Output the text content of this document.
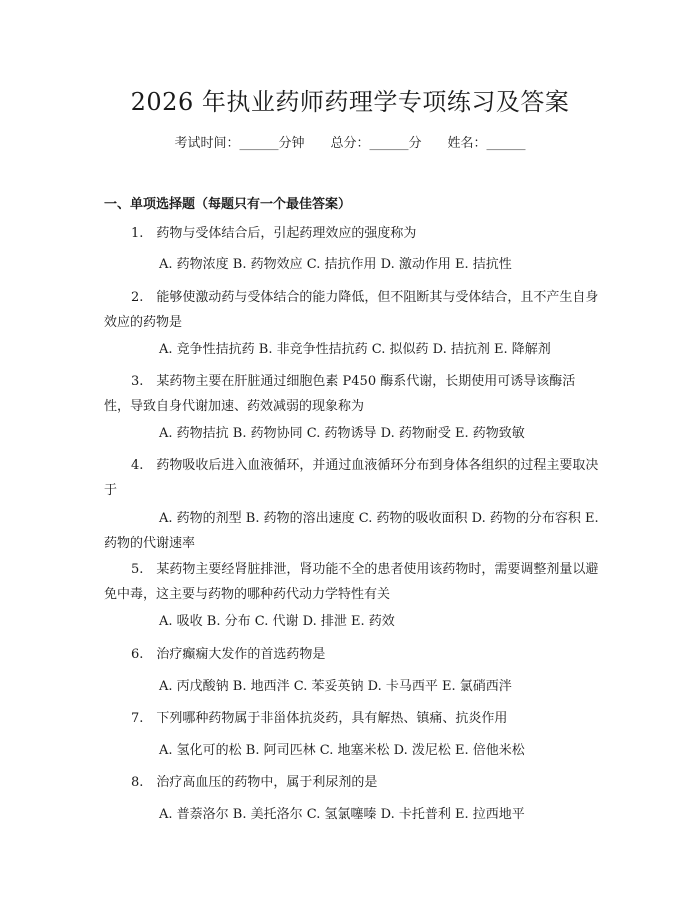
2026 年执业药师药理学专项练习及答案
考试时间：______分钟 总分：______分 姓名：______
一、单项选择题（每题只有一个最佳答案）
1.　药物与受体结合后，引起药理效应的强度称为
A. 药物浓度 B. 药物效应 C. 拮抗作用 D. 激动作用 E. 拮抗性
2.　能够使激动药与受体结合的能力降低，但不阻断其与受体结合，且不产生自身效应的药物是
A. 竞争性拮抗药 B. 非竞争性拮抗药 C. 拟似药 D. 拮抗剂 E. 降解剂
3.　某药物主要在肝脏通过细胞色素 P450 酶系代谢，长期使用可诱导该酶活性，导致自身代谢加速、药效减弱的现象称为
A. 药物拮抗 B. 药物协同 C. 药物诱导 D. 药物耐受 E. 药物致敏
4.　药物吸收后进入血液循环，并通过血液循环分布到身体各组织的过程主要取决于
A. 药物的剂型 B. 药物的溶出速度 C. 药物的吸收面积 D. 药物的分布容积 E. 药物的代谢速率
5.　某药物主要经肾脏排泄，肾功能不全的患者使用该药物时，需要调整剂量以避免中毒，这主要与药物的哪种药代动力学特性有关
A. 吸收 B. 分布 C. 代谢 D. 排泄 E. 药效
6.　治疗癫痫大发作的首选药物是
A. 丙戊酸钠 B. 地西泮 C. 苯妥英钠 D. 卡马西平 E. 氯硝西泮
7.　下列哪种药物属于非甾体抗炎药，具有解热、镇痛、抗炎作用
A. 氢化可的松 B. 阿司匹林 C. 地塞米松 D. 泼尼松 E. 倍他米松
8.　治疗高血压的药物中，属于利尿剂的是
A. 普萘洛尔 B. 美托洛尔 C. 氢氯噻嗪 D. 卡托普利 E. 拉西地平
